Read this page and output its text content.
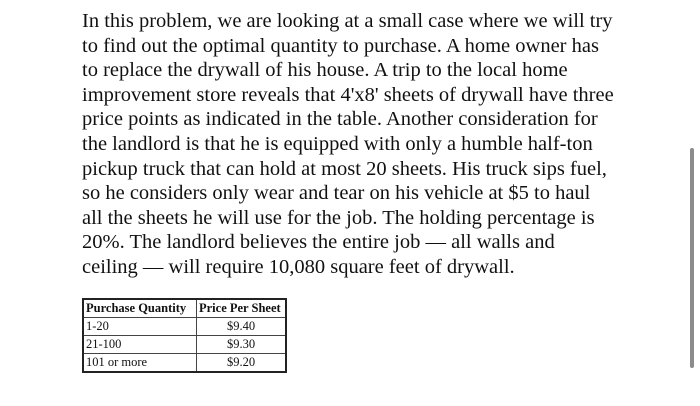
In this problem, we are looking at a small case where we will try
to find out the optimal quantity to purchase. A home owner has
to replace the drywall of his house. A trip to the local home
improvement store reveals that 4'x8' sheets of drywall have three
price points as indicated in the table. Another consideration for
the landlord is that he is equipped with only a humble half-ton
pickup truck that can hold at most 20 sheets. His truck sips fuel,
so he considers only wear and tear on his vehicle at $5 to haul
all the sheets he will use for the job. The holding percentage is
20%. The landlord believes the entire job — all walls and
ceiling — will require 10,080 square feet of drywall.
Purchase Quantity	Price Per Sheet
1-20	$9.40
21-100	$9.30
101 or more	$9.20
